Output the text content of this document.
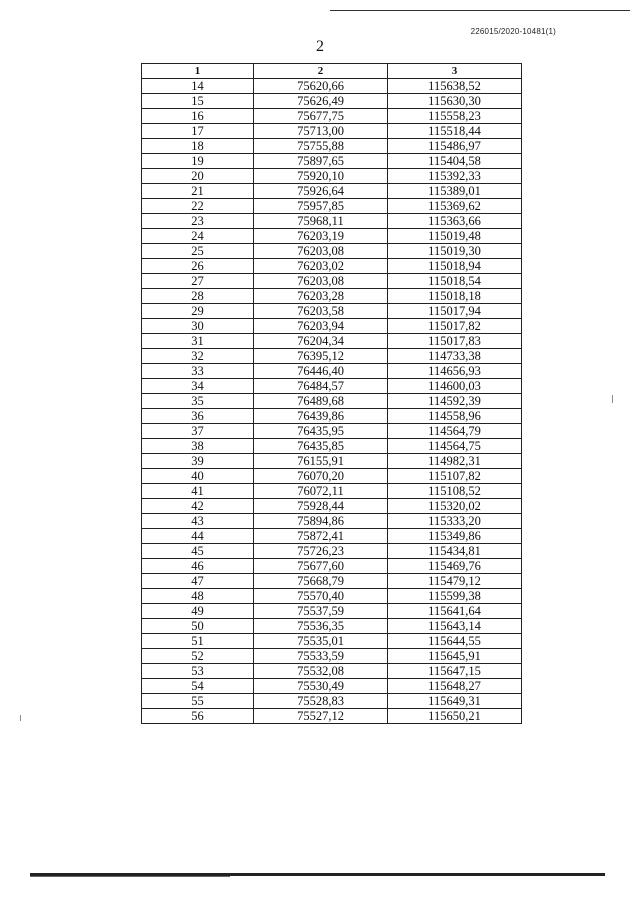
226015/2020-10481(1)
2
1	2	3
14	75620,66	115638,52
15	75626,49	115630,30
16	75677,75	115558,23
17	75713,00	115518,44
18	75755,88	115486,97
19	75897,65	115404,58
20	75920,10	115392,33
21	75926,64	115389,01
22	75957,85	115369,62
23	75968,11	115363,66
24	76203,19	115019,48
25	76203,08	115019,30
26	76203,02	115018,94
27	76203,08	115018,54
28	76203,28	115018,18
29	76203,58	115017,94
30	76203,94	115017,82
31	76204,34	115017,83
32	76395,12	114733,38
33	76446,40	114656,93
34	76484,57	114600,03
35	76489,68	114592,39
36	76439,86	114558,96
37	76435,95	114564,79
38	76435,85	114564,75
39	76155,91	114982,31
40	76070,20	115107,82
41	76072,11	115108,52
42	75928,44	115320,02
43	75894,86	115333,20
44	75872,41	115349,86
45	75726,23	115434,81
46	75677,60	115469,76
47	75668,79	115479,12
48	75570,40	115599,38
49	75537,59	115641,64
50	75536,35	115643,14
51	75535,01	115644,55
52	75533,59	115645,91
53	75532,08	115647,15
54	75530,49	115648,27
55	75528,83	115649,31
56	75527,12	115650,21
